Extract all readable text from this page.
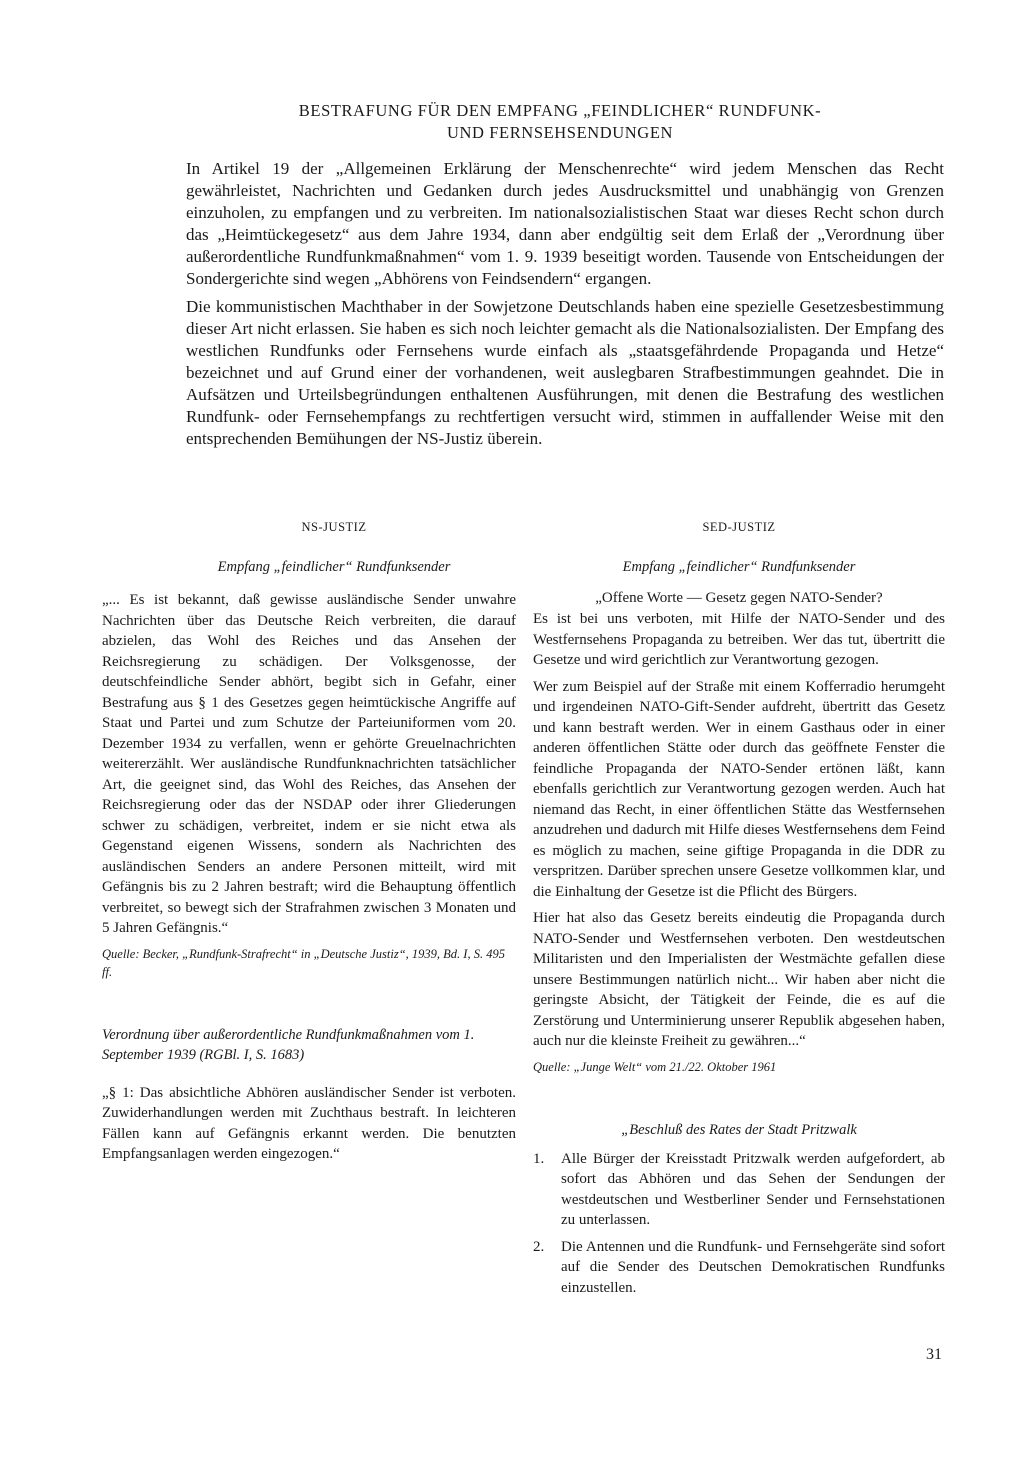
BESTRAFUNG FÜR DEN EMPFANG „FEINDLICHER“ RUNDFUNK-
UND FERNSEHSENDUNGEN

In Artikel 19 der „Allgemeinen Erklärung der Menschenrechte“ wird jedem Menschen das Recht gewährleistet, Nachrichten und Gedanken durch jedes Ausdrucksmittel und unabhängig von Grenzen einzuholen, zu empfangen und zu verbreiten. Im nationalsozialistischen Staat war dieses Recht schon durch das „Heimtückegesetz“ aus dem Jahre 1934, dann aber endgültig seit dem Erlaß der „Verordnung über außerordentliche Rundfunkmaßnahmen“ vom 1. 9. 1939 beseitigt worden. Tausende von Entscheidungen der Sondergerichte sind wegen „Abhörens von Feindsendern“ ergangen.

Die kommunistischen Machthaber in der Sowjetzone Deutschlands haben eine spezielle Gesetzesbestimmung dieser Art nicht erlassen. Sie haben es sich noch leichter gemacht als die Nationalsozialisten. Der Empfang des westlichen Rundfunks oder Fernsehens wurde einfach als „staatsgefährdende Propaganda und Hetze“ bezeichnet und auf Grund einer der vorhandenen, weit auslegbaren Strafbestimmungen geahndet. Die in Aufsätzen und Urteilsbegründungen enthaltenen Ausführungen, mit denen die Bestrafung des westlichen Rundfunk- oder Fernsehempfangs zu rechtfertigen versucht wird, stimmen in auffallender Weise mit den entsprechenden Bemühungen der NS-Justiz überein.

NS-JUSTIZ
Empfang „feindlicher“ Rundfunksender

„... Es ist bekannt, daß gewisse ausländische Sender unwahre Nachrichten über das Deutsche Reich verbreiten, die darauf abzielen, das Wohl des Reiches und das Ansehen der Reichsregierung zu schädigen. Der Volksgenosse, der deutschfeindliche Sender abhört, begibt sich in Gefahr, einer Bestrafung aus § 1 des Gesetzes gegen heimtückische Angriffe auf Staat und Partei und zum Schutze der Parteiuniformen vom 20. Dezember 1934 zu verfallen, wenn er gehörte Greuelnachrichten weitererzählt. Wer ausländische Rundfunknachrichten tatsächlicher Art, die geeignet sind, das Wohl des Reiches, das Ansehen der Reichsregierung oder das der NSDAP oder ihrer Gliederungen schwer zu schädigen, verbreitet, indem er sie nicht etwa als Gegenstand eigenen Wissens, sondern als Nachrichten des ausländischen Senders an andere Personen mitteilt, wird mit Gefängnis bis zu 2 Jahren bestraft; wird die Behauptung öffentlich verbreitet, so bewegt sich der Strafrahmen zwischen 3 Monaten und 5 Jahren Gefängnis.“

Quelle: Becker, „Rundfunk-Strafrecht“ in „Deutsche Justiz“, 1939, Bd. I, S. 495 ff.

Verordnung über außerordentliche Rundfunkmaßnahmen vom 1. September 1939 (RGBl. I, S. 1683)

„§ 1: Das absichtliche Abhören ausländischer Sender ist verboten. Zuwiderhandlungen werden mit Zuchthaus bestraft. In leichteren Fällen kann auf Gefängnis erkannt werden. Die benutzten Empfangsanlagen werden eingezogen.“

SED-JUSTIZ
Empfang „feindlicher“ Rundfunksender
„Offene Worte — Gesetz gegen NATO-Sender?

Es ist bei uns verboten, mit Hilfe der NATO-Sender und des Westfernsehens Propaganda zu betreiben. Wer das tut, übertritt die Gesetze und wird gerichtlich zur Verantwortung gezogen.

Wer zum Beispiel auf der Straße mit einem Kofferradio herumgeht und irgendeinen NATO-Gift-Sender aufdreht, übertritt das Gesetz und kann bestraft werden. Wer in einem Gasthaus oder in einer anderen öffentlichen Stätte oder durch das geöffnete Fenster die feindliche Propaganda der NATO-Sender ertönen läßt, kann ebenfalls gerichtlich zur Verantwortung gezogen werden. Auch hat niemand das Recht, in einer öffentlichen Stätte das Westfernsehen anzudrehen und dadurch mit Hilfe dieses Westfernsehens dem Feind es möglich zu machen, seine giftige Propaganda in die DDR zu verspritzen. Darüber sprechen unsere Gesetze vollkommen klar, und die Einhaltung der Gesetze ist die Pflicht des Bürgers.

Hier hat also das Gesetz bereits eindeutig die Propaganda durch NATO-Sender und Westfernsehen verboten. Den westdeutschen Militaristen und den Imperialisten der Westmächte gefallen diese unsere Bestimmungen natürlich nicht... Wir haben aber nicht die geringste Absicht, der Tätigkeit der Feinde, die es auf die Zerstörung und Unterminierung unserer Republik abgesehen haben, auch nur die kleinste Freiheit zu gewähren...“

Quelle: „Junge Welt“ vom 21./22. Oktober 1961

„Beschluß des Rates der Stadt Pritzwalk
1.	Alle Bürger der Kreisstadt Pritzwalk werden aufgefordert, ab sofort das Abhören und das Sehen der Sendungen der westdeutschen und Westberliner Sender und Fernsehstationen zu unterlassen.
2.	Die Antennen und die Rundfunk- und Fernsehgeräte sind sofort auf die Sender des Deutschen Demokratischen Rundfunks einzustellen.
31
